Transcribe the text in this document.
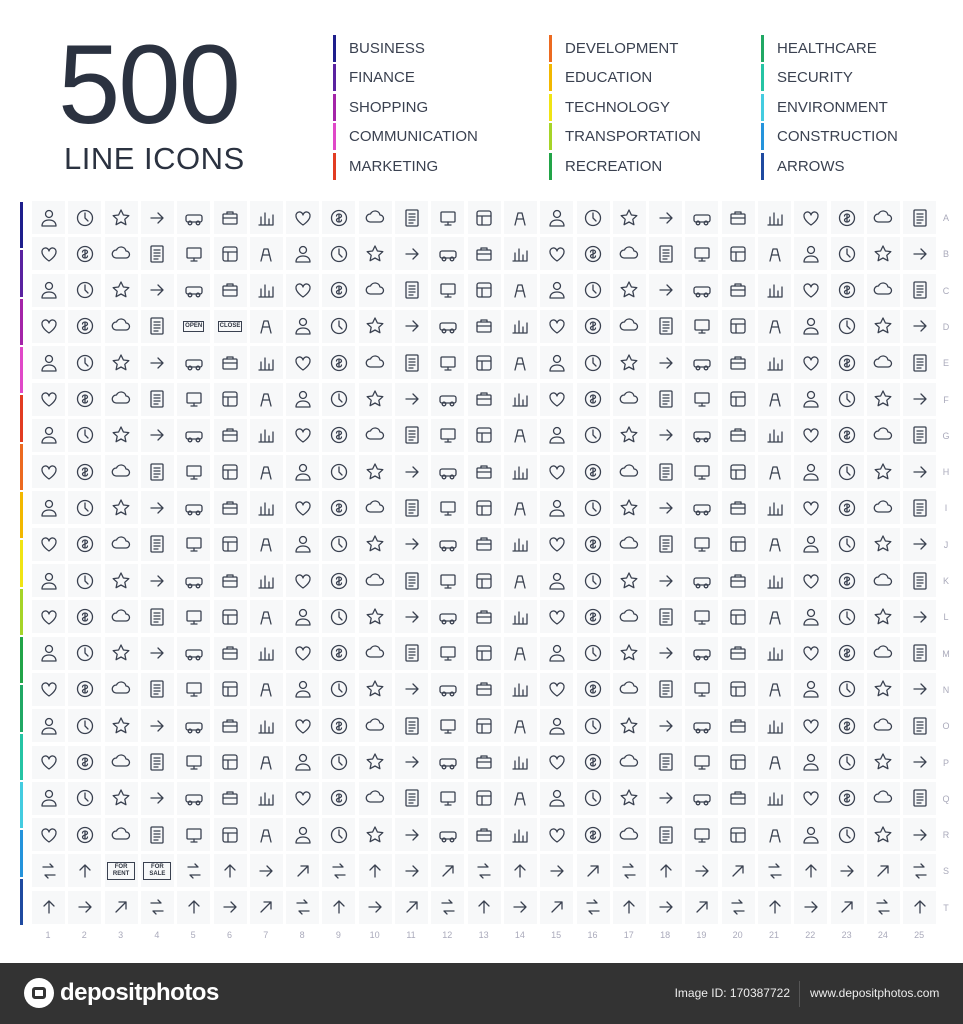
500
LINE ICONS
BUSINESS
FINANCE
SHOPPING
COMMUNICATION
MARKETING
DEVELOPMENT
EDUCATION
TECHNOLOGY
TRANSPORTATION
RECREATION
HEALTHCARE
SECURITY
ENVIRONMENT
CONSTRUCTION
ARROWS
A
B
C
D
OPEN	CLOSE
E
F
G
H
I
J
K
L
M
N
O
P
Q
R
S
FOR RENT
FOR SALE
T
1	2	3	4	5	6	7	8	9	10	11	12	13	14	15	16	17	18	19	20	21	22	23	24	25
depositphotos	Image ID: 170387722 www.depositphotos.com
